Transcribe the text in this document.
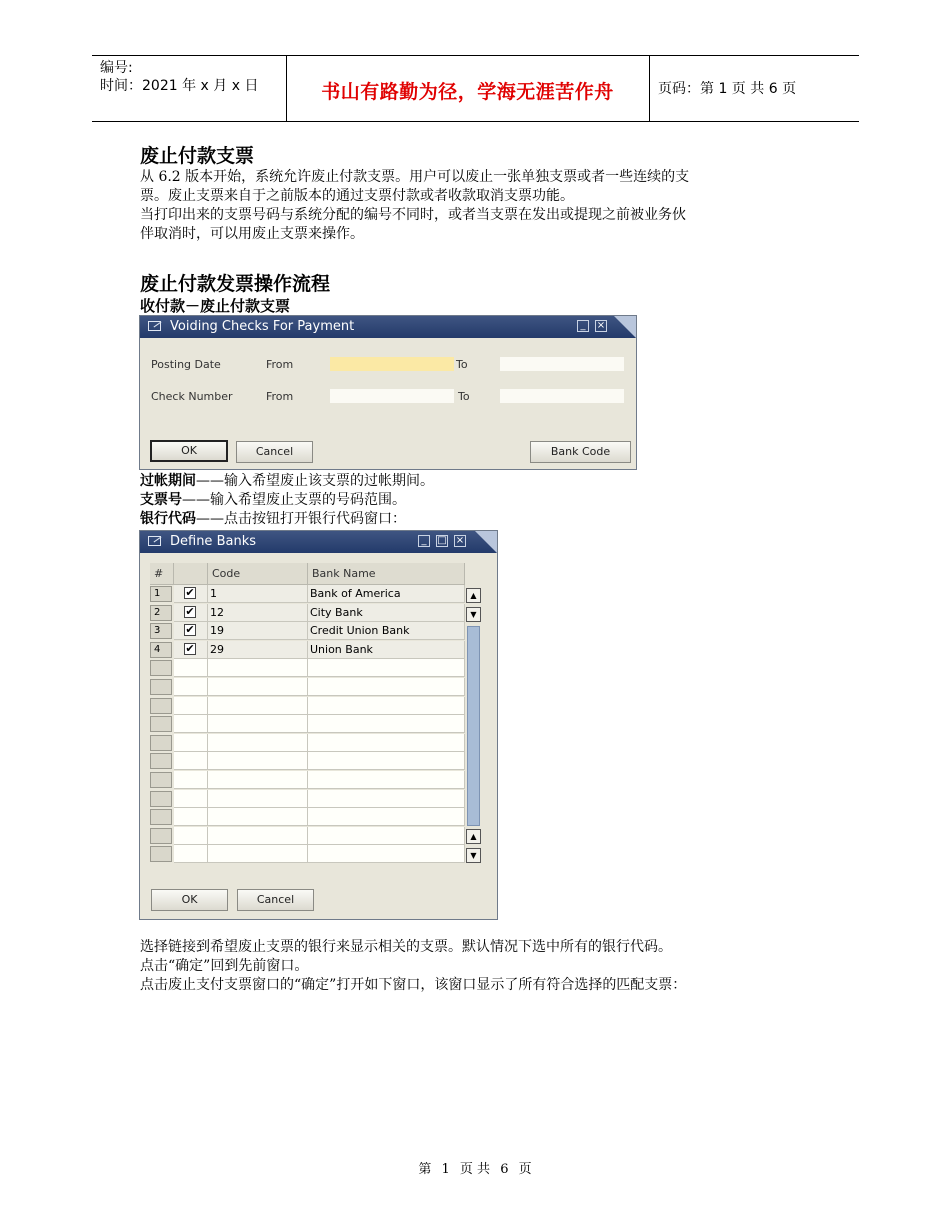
编号:
时间：2021 年 x 月 x 日	书山有路勤为径，学海无涯苦作舟	页码：第 1 页 共 6 页
废止付款支票
从 6.2 版本开始，系统允许废止付款支票。用户可以废止一张单独支票或者一些连续的支
票。废止支票来自于之前版本的通过支票付款或者收款取消支票功能。
当打印出来的支票号码与系统分配的编号不同时，或者当支票在发出或提现之前被业务伙
伴取消时，可以用废止支票来操作。
废止付款发票操作流程
收付款－废止付款支票
Voiding Checks For Payment	_	×
Posting Date	From	To
Check Number	From	To
OK	Cancel	Bank Code
过帐期间——输入希望废止该支票的过帐期间。
支票号——输入希望废止支票的号码范围。
银行代码——点击按钮打开银行代码窗口：
Define Banks	_	□ ×
#	Code	Bank Name
1	✔ 1	Bank of America
2	✔ 12	City Bank
3	✔ 19	Credit Union Bank
4	✔ 29	Union Bank
▲
▼
▲
▼
OK	Cancel
选择链接到希望废止支票的银行来显示相关的支票。默认情况下选中所有的银行代码。
点击“确定”回到先前窗口。
点击废止支付支票窗口的“确定”打开如下窗口，该窗口显示了所有符合选择的匹配支票：
第 1 页 共 6 页
